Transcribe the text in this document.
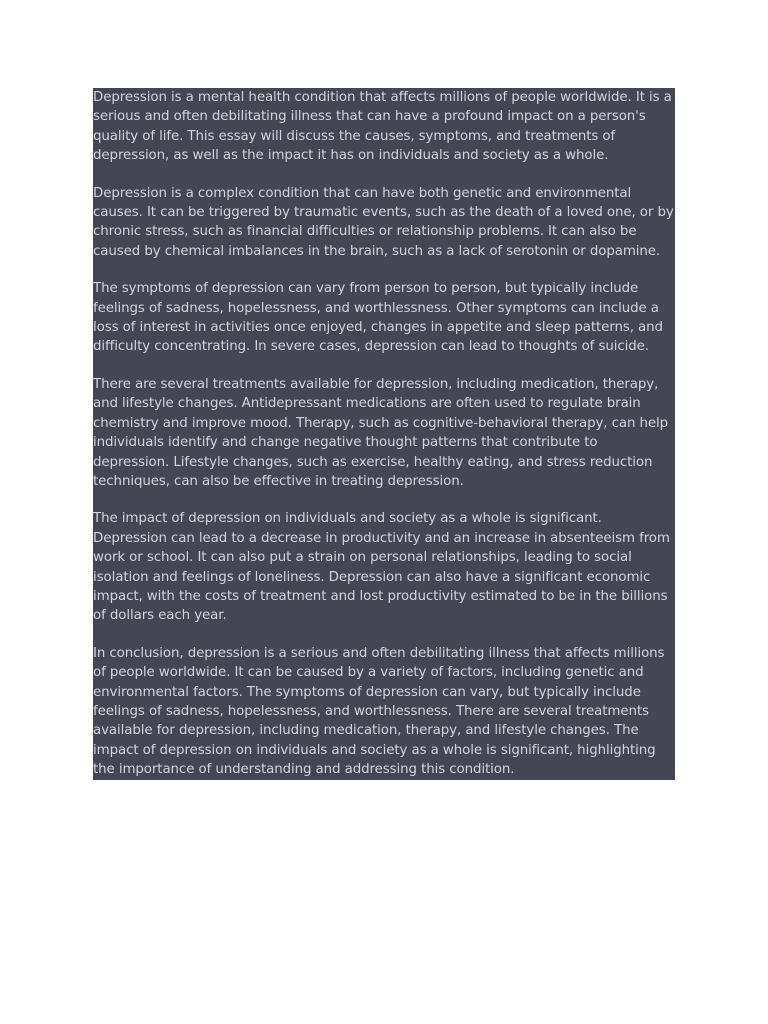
Depression is a mental health condition that affects millions of people worldwide. It is a serious and often debilitating illness that can have a profound impact on a person's quality of life. This essay will discuss the causes, symptoms, and treatments of depression, as well as the impact it has on individuals and society as a whole.

Depression is a complex condition that can have both genetic and environmental causes. It can be triggered by traumatic events, such as the death of a loved one, or by chronic stress, such as financial difficulties or relationship problems. It can also be caused by chemical imbalances in the brain, such as a lack of serotonin or dopamine.

The symptoms of depression can vary from person to person, but typically include feelings of sadness, hopelessness, and worthlessness. Other symptoms can include a loss of interest in activities once enjoyed, changes in appetite and sleep patterns, and difficulty concentrating. In severe cases, depression can lead to thoughts of suicide.

There are several treatments available for depression, including medication, therapy, and lifestyle changes. Antidepressant medications are often used to regulate brain chemistry and improve mood. Therapy, such as cognitive-behavioral therapy, can help individuals identify and change negative thought patterns that contribute to depression. Lifestyle changes, such as exercise, healthy eating, and stress reduction techniques, can also be effective in treating depression.

The impact of depression on individuals and society as a whole is significant. Depression can lead to a decrease in productivity and an increase in absenteeism from work or school. It can also put a strain on personal relationships, leading to social isolation and feelings of loneliness. Depression can also have a significant economic impact, with the costs of treatment and lost productivity estimated to be in the billions of dollars each year.

In conclusion, depression is a serious and often debilitating illness that affects millions of people worldwide. It can be caused by a variety of factors, including genetic and environmental factors. The symptoms of depression can vary, but typically include feelings of sadness, hopelessness, and worthlessness. There are several treatments available for depression, including medication, therapy, and lifestyle changes. The impact of depression on individuals and society as a whole is significant, highlighting the importance of understanding and addressing this condition.
